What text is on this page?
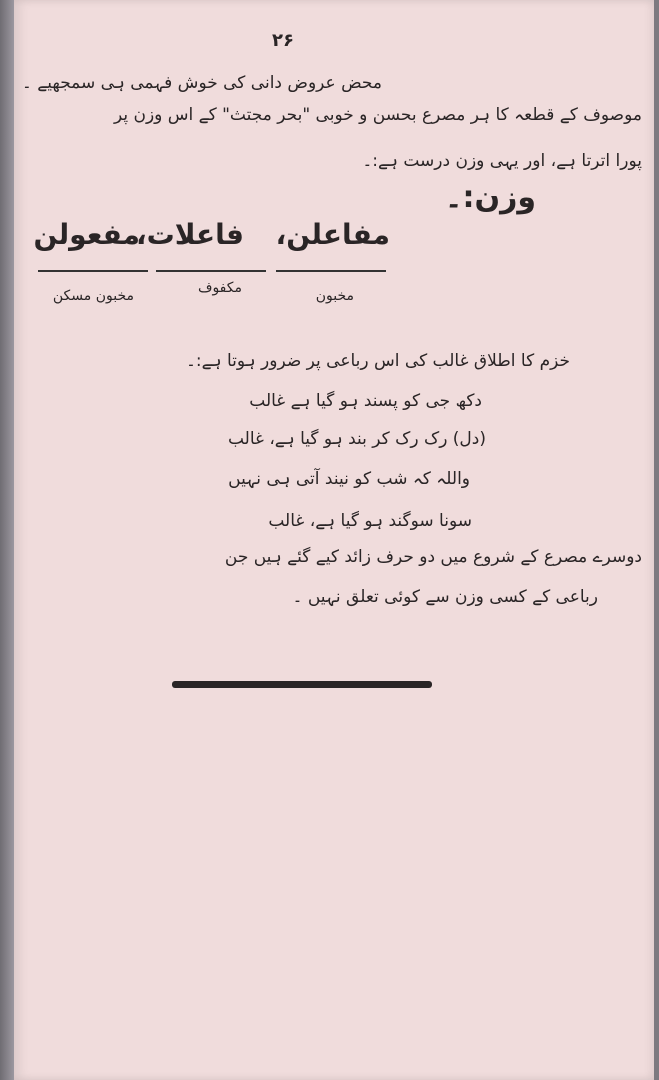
۲۶
محض عروض دانی کی خوش فہمی ہی سمجھیے ۔
موصوف کے قطعہ کا ہر مصرع بحسن و خوبی "بحر مجتث" کے اس وزن پر
پورا اترتا ہے، اور یہی وزن درست ہے:۔
وزن:۔
مفاعلن،
فاعلات،
مفعولن
مخبون
مکفوف
مخبون مسکن
خزم کا اطلاق غالب کی اس رباعی پر ضرور ہوتا ہے:۔
دکھ جی کو پسند ہو گیا ہے غالب
(دل) رک رک کر بند ہو گیا ہے، غالب
واللہ کہ شب کو نیند آتی ہی نہیں
سونا سوگند ہو گیا ہے، غالب
دوسرے مصرع کے شروع میں دو حرف زائد کیے گئے ہیں جن
رباعی کے کسی وزن سے کوئی تعلق نہیں ۔
